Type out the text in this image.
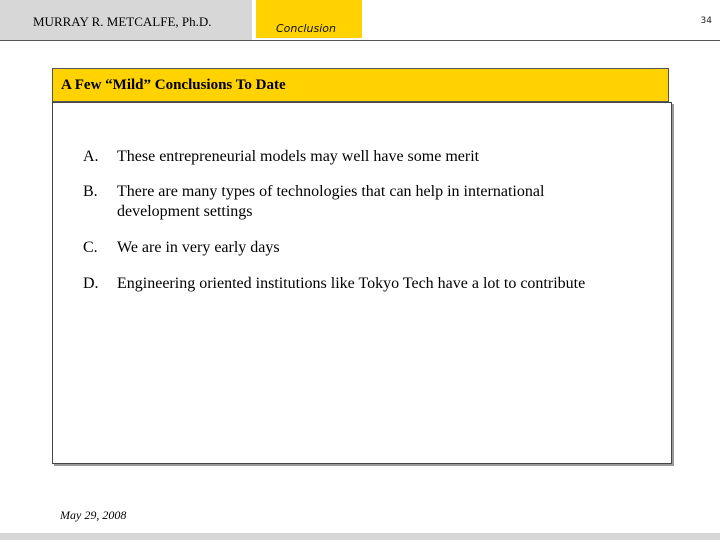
MURRAY R. METCALFE, Ph.D.	Conclusion
34
A Few “Mild” Conclusions To Date
A. These entrepreneurial models may well have some merit
B. There are many types of technologies that can help in international development settings
C. We are in very early days
D. Engineering oriented institutions like Tokyo Tech have a lot to contribute
May 29, 2008
